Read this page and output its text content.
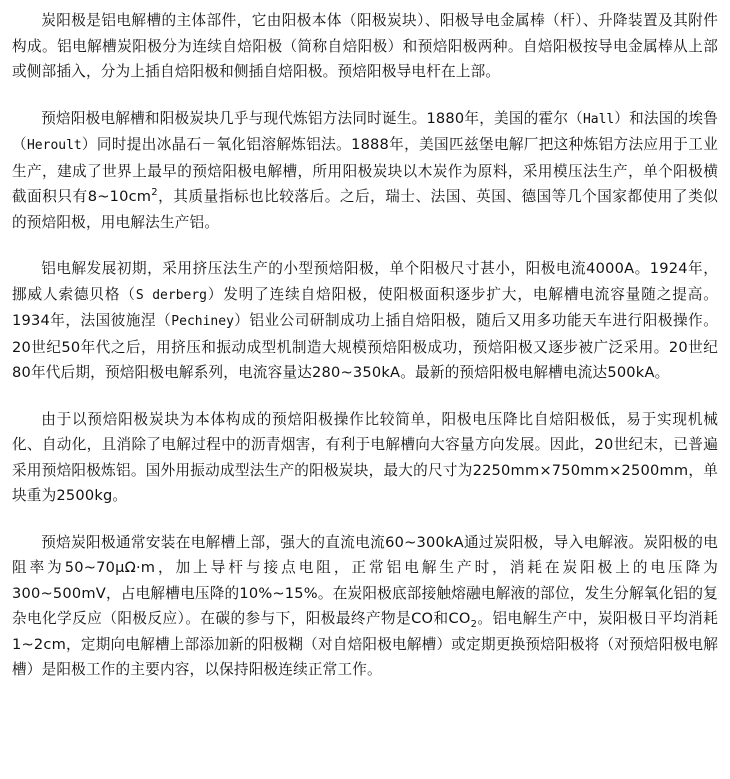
炭阳极是铝电解槽的主体部件，它由阳极本体（阳极炭块）、阳极导电金属棒（杆）、升降装置及其附件构成。铝电解槽炭阳极分为连续自焙阳极（简称自焙阳极）和预焙阳极两种。自焙阳极按导电金属棒从上部或侧部插入，分为上插自焙阳极和侧插自焙阳极。预焙阳极导电杆在上部。

预焙阳极电解槽和阳极炭块几乎与现代炼铝方法同时诞生。1880年，美国的霍尔（Hall）和法国的埃鲁（Heroult）同时提出冰晶石－氧化铝溶解炼铝法。1888年，美国匹兹堡电解厂把这种炼铝方法应用于工业生产，建成了世界上最早的预焙阳极电解槽，所用阳极炭块以木炭作为原料，采用模压法生产，单个阳极横截面积只有$8\sim 10cm^2$，其质量指标也比较落后。之后，瑞士、法国、英国、德国等几个国家都使用了类似的预焙阳极，用电解法生产铝。

铝电解发展初期，采用挤压法生产的小型预焙阳极，单个阳极尺寸甚小，阳极电流4000A。1924年，挪威人索德贝格（S derberg）发明了连续自焙阳极，使阳极面积逐步扩大，电解槽电流容量随之提高。1934年，法国彼施涅（Pechiney）铝业公司研制成功上插自焙阳极，随后又用多功能天车进行阳极操作。20世纪50年代之后，用挤压和振动成型机制造大规模预焙阳极成功，预焙阳极又逐步被广泛采用。20世纪80年代后期，预焙阳极电解系列，电流容量达280~350kA。最新的预焙阳极电解槽电流达500kA。

由于以预焙阳极炭块为本体构成的预焙阳极操作比较简单，阳极电压降比自焙阳极低，易于实现机械化、自动化，且消除了电解过程中的沥青烟害，有利于电解槽向大容量方向发展。因此，20世纪末，已普遍采用预焙阳极炼铝。国外用振动成型法生产的阳极炭块，最大的尺寸为2250mm×750mm×2500mm，单块重为2500kg。

预焙炭阳极通常安装在电解槽上部，强大的直流电流60~300kA通过炭阳极，导入电解液。炭阳极的电阻率为50~70μΩ·m，加上导杆与接点电阻，正常铝电解生产时，消耗在炭阳极上的电压降为300~500mV，占电解槽电压降的10%~15%。在炭阳极底部接触熔融电解液的部位，发生分解氧化铝的复杂电化学反应（阳极反应）。在碳的参与下，阳极最终产物是CO和$CO_2$。铝电解生产中，炭阳极日平均消耗1~2cm，定期向电解槽上部添加新的阳极糊（对自焙阳极电解槽）或定期更换预焙阳极将（对预焙阳极电解槽）是阳极工作的主要内容，以保持阳极连续正常工作。
